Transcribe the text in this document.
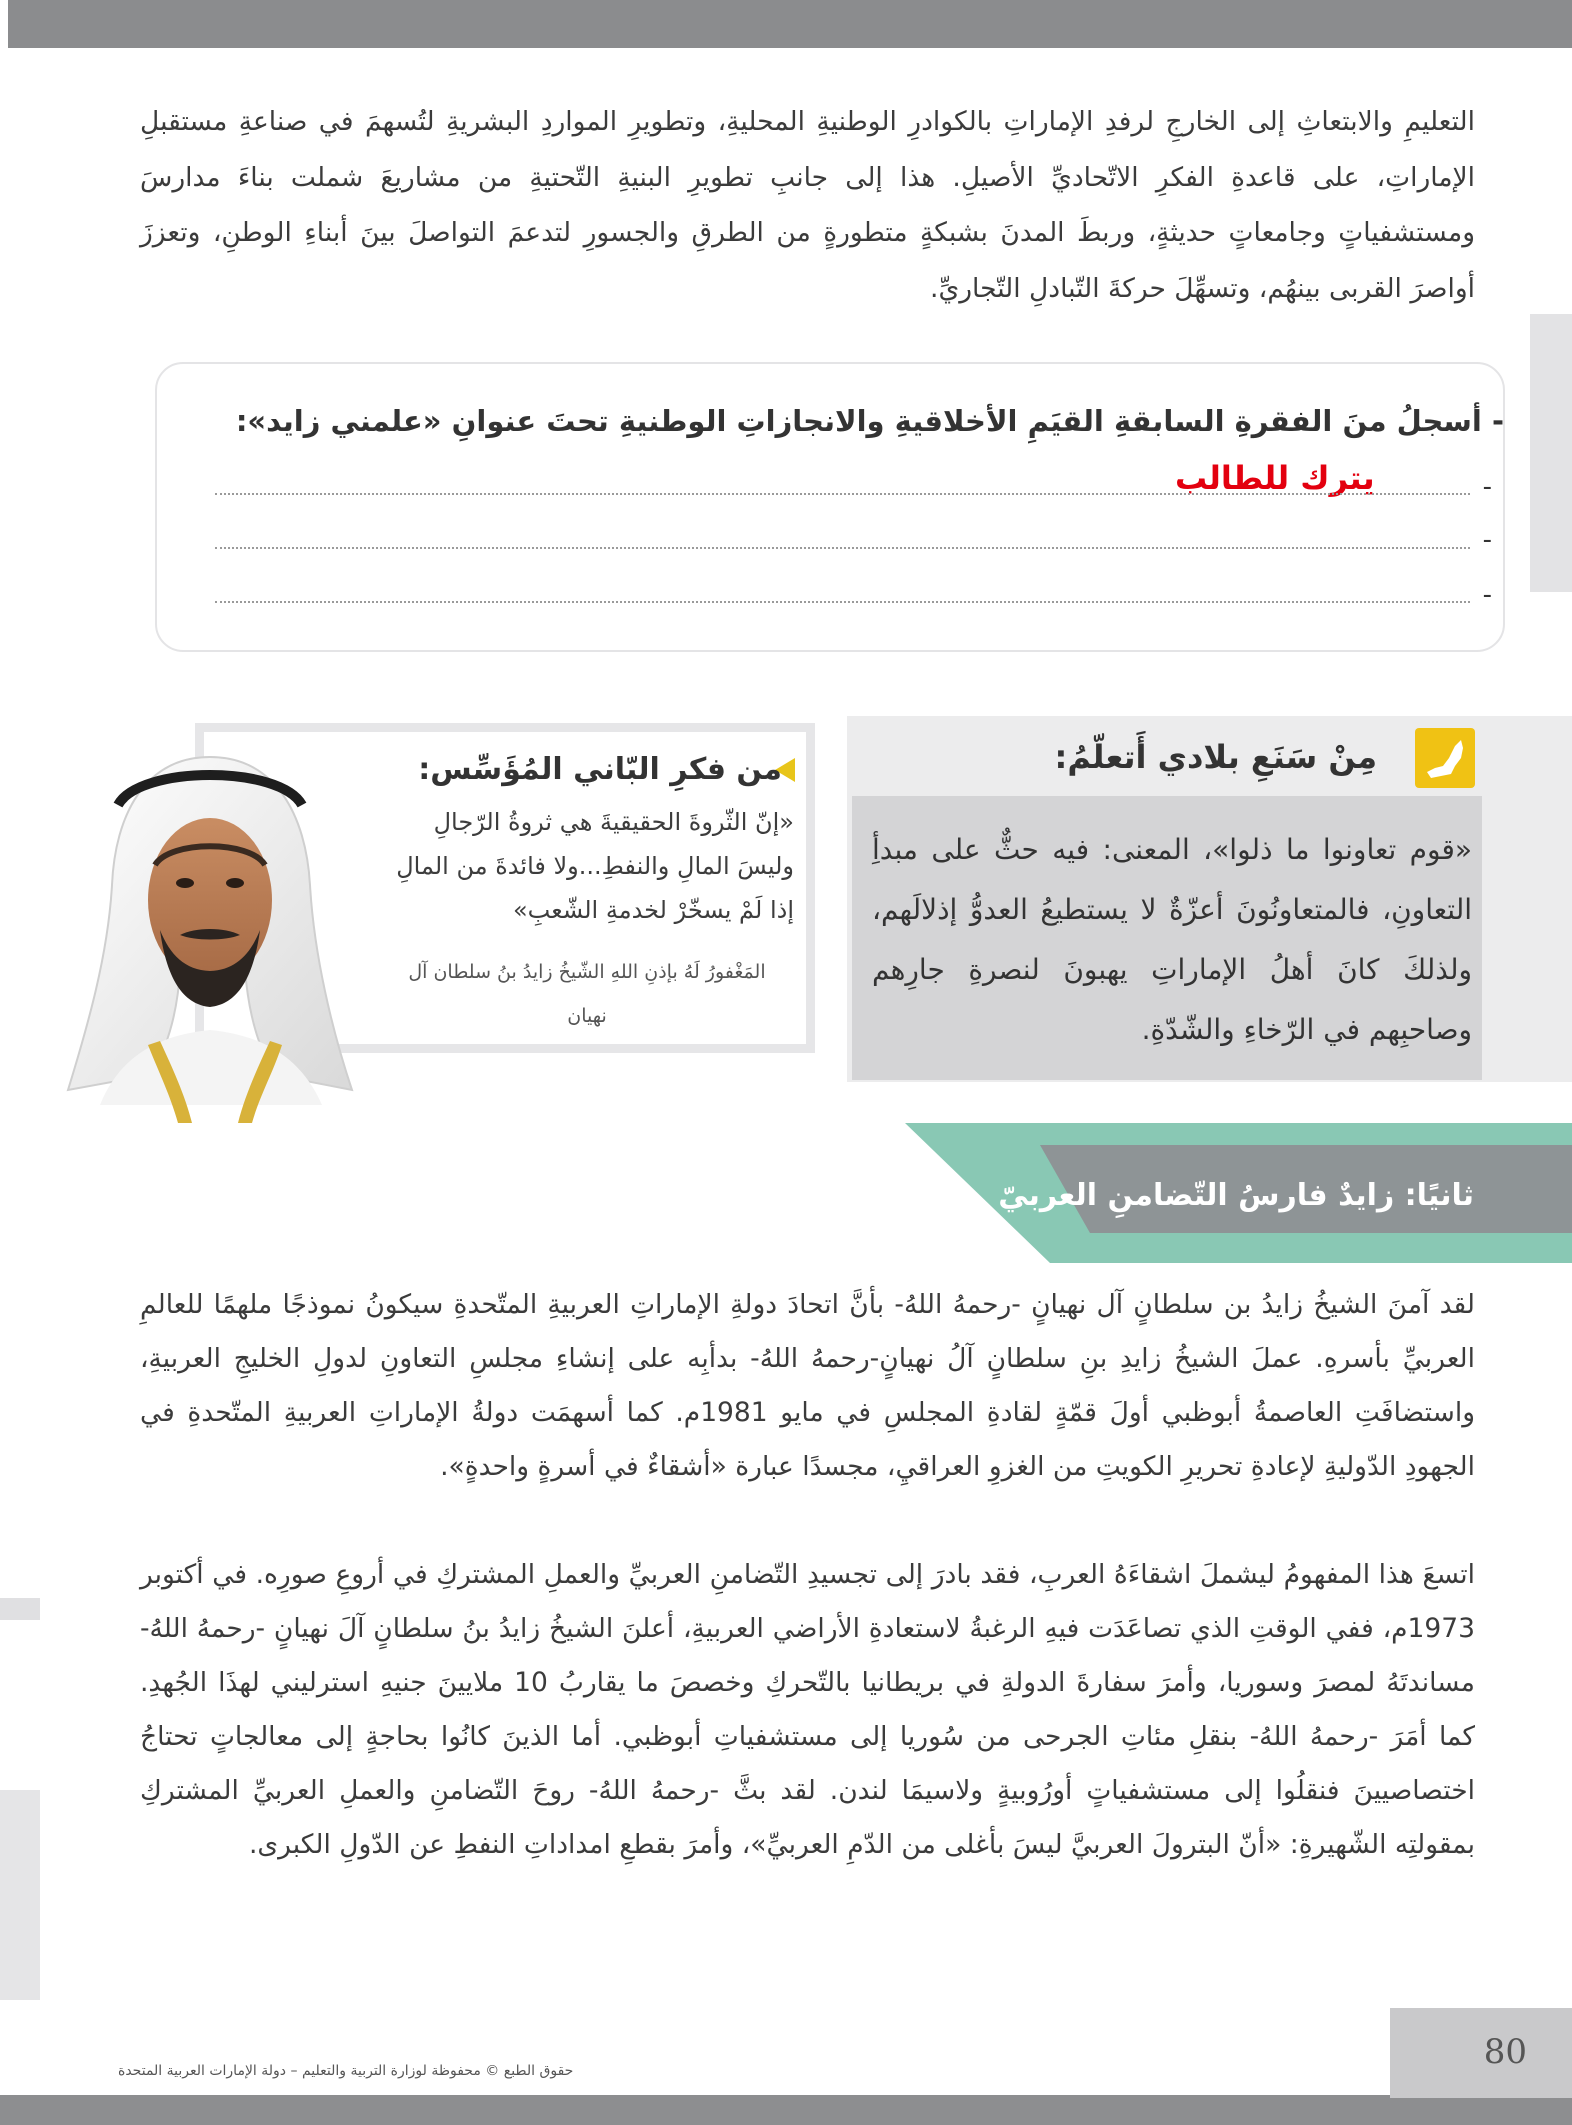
التعليمِ والابتعاثِ إلى الخارجِ لرفدِ الإماراتِ بالكوادرِ الوطنيةِ المحليةِ، وتطويرِ المواردِ البشريةِ لتُسهمَ في صناعةِ مستقبلِ الإماراتِ، على قاعدةِ الفكرِ الاتّحاديِّ الأصيلِ. هذا إلى جانبِ تطويرِ البنيةِ التّحتيةِ من مشاريعَ شملت بناءَ مدارسَ ومستشفياتٍ وجامعاتٍ حديثةٍ، وربطَ المدنَ بشبكةٍ متطورةٍ من الطرقِ والجسورِ لتدعمَ التواصلَ بينَ أبناءِ الوطنِ، وتعززَ أواصرَ القربى بينهُم، وتسهِّلَ حركةَ التّبادلِ التّجاريِّ.

- أسجلُ منَ الفقرةِ السابقةِ القيَمِ الأخلاقيةِ والانجازاتِ الوطنيةِ تحتَ عنوانِ «علمني زايد»:
يترك للطالب	-
-
-
من فكرِ البّاني المُؤَسِّس:
«إنّ الثّروةَ الحقيقيةَ هي ثروةُ الرّجالِ وليسَ المالِ والنفطِ...ولا فائدةَ من المالِ إذا لَمْ يسخّرْ لخدمةِ الشّعبِ»
المَغْفورُ لَهُ بإذنِ اللهِ الشّيخُ زايدُ بنُ سلطان آل نهيان
مِنْ سَنَعِ بلادي أَتعلّمُ:
«قوم تعاونوا ما ذلوا»، المعنى: فيه حثٌّ على مبدأِ التعاونِ، فالمتعاونُونَ أعزّةٌ لا يستطيعُ العدوُّ إذلالَهم، ولذلكَ كانَ أهلُ الإماراتِ يهبونَ لنصرةِ جارِهم وصاحبِهم في الرّخاءِ والشّدّةِ.
ثانيًا: زايدٌ فارسُ التّضامنِ العربيّ

لقد آمنَ الشيخُ زايدُ بن سلطانٍ آل نهيانٍ -رحمهُ اللهُ- بأنَّ اتحادَ دولةِ الإماراتِ العربيةِ المتّحدةِ سيكونُ نموذجًا ملهمًا للعالمِ العربيِّ بأسرهِ. عملَ الشيخُ زايدِ بنِ سلطانٍ آلُ نهيانٍ-رحمهُ اللهُ- بدأبِه على إنشاءِ مجلسِ التعاونِ لدولِ الخليجِ العربيةِ، واستضافَتِ العاصمةُ أبوظبي أولَ قمّةٍ لقادةِ المجلسِ في مايو 1981م. كما أسهمَت دولةُ الإماراتِ العربيةِ المتّحدةِ في الجهودِ الدّوليةِ لإعادةِ تحريرِ الكويتِ من الغزوِ العراقيِ، مجسدًا عبارة «أشقاءٌ في أسرةٍ واحدةٍ».

اتسعَ هذا المفهومُ ليشملَ اشقاءَهُ العربِ، فقد بادرَ إلى تجسيدِ التّضامنِ العربيِّ والعملِ المشتركِ في أروعِ صورِه. في أكتوبر 1973م، ففي الوقتِ الذي تصاعَدَت فيهِ الرغبةُ لاستعادةِ الأراضي العربيةِ، أعلنَ الشيخُ زايدُ بنُ سلطانٍ آلَ نهيانٍ -رحمهُ اللهُ- مساندتَهُ لمصرَ وسوريا، وأمرَ سفارةَ الدولةِ في بريطانيا بالتّحركِ وخصصَ ما يقاربُ 10 ملايينَ جنيهِ استرليني لهذَا الجُهدِ. كما أمَرَ -رحمهُ اللهُ- بنقلِ مئاتِ الجرحى من سُوريا إلى مستشفياتِ أبوظبي. أما الذينَ كانُوا بحاجةٍ إلى معالجاتٍ تحتاجُ اختصاصيينَ فنقلُوا إلى مستشفياتٍ أورُوبيةٍ ولاسيمَا لندن. لقد بثَّ -رحمهُ اللهُ- روحَ التّضامنِ والعملِ العربيِّ المشتركِ بمقولتِه الشّهيرةِ: «أنّ البترولَ العربيَّ ليسَ بأغلى من الدّمِ العربيِّ»، وأمرَ بقطعِ امداداتِ النفطِ عن الدّولِ الكبرى.

80
حقوق الطبع © محفوظة لوزارة التربية والتعليم – دولة الإمارات العربية المتحدة
